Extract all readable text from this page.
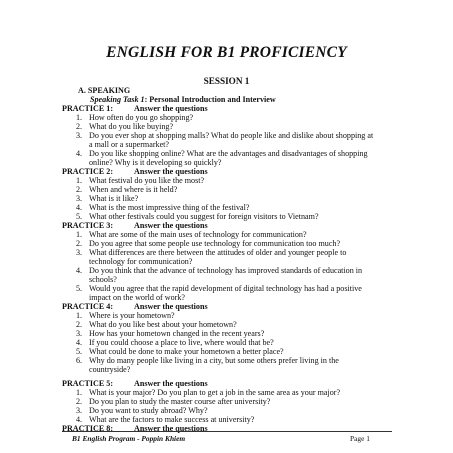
ENGLISH FOR B1 PROFICIENCY
SESSION 1
A. SPEAKING
Speaking Task 1: Personal Introduction and Interview
PRACTICE 1:	Answer the questions
1. How often do you go shopping?
2. What do you like buying?
3. Do you ever shop at shopping malls? What do people like and dislike about shopping at
a mall or a supermarket?
4. Do you like shopping online? What are the advantages and disadvantages of shopping
online? Why is it developing so quickly?
PRACTICE 2:	Answer the questions
1. What festival do you like the most?
2. When and where is it held?
3. What is it like?
4. What is the most impressive thing of the festival?
5. What other festivals could you suggest for foreign visitors to Vietnam?
PRACTICE 3:	Answer the questions
1. What are some of the main uses of technology for communication?
2. Do you agree that some people use technology for communication too much?
3. What differences are there between the attitudes of older and younger people to
technology for communication?
4. Do you think that the advance of technology has improved standards of education in
schools?
5. Would you agree that the rapid development of digital technology has had a positive
impact on the world of work?
PRACTICE 4:	Answer the questions
1. Where is your hometown?
2. What do you like best about your hometown?
3. How has your hometown changed in the recent years?
4. If you could choose a place to live, where would that be?
5. What could be done to make your hometown a better place?
6. Why do many people like living in a city, but some others prefer living in the
countryside?
PRACTICE 5:	Answer the questions
1. What is your major? Do you plan to get a job in the same area as your major?
2. Do you plan to study the master course after university?
3. Do you want to study abroad? Why?
4. What are the factors to make success at university?
PRACTICE 8:	Answer the questions
B1 English Program - Poppin Khiem	Page 1
